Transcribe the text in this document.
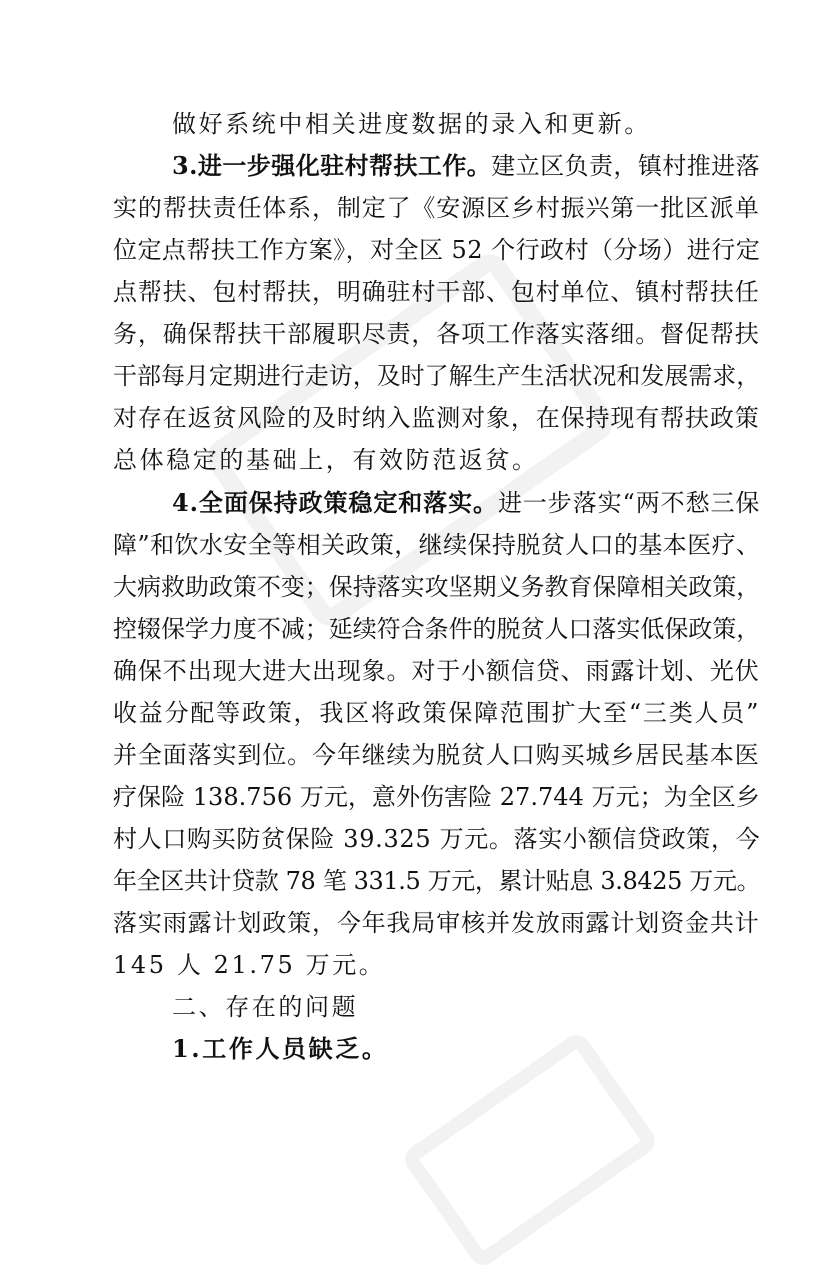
做好系统中相关进度数据的录入和更新。
3.进一步强化驻村帮扶工作。建立区负责，镇村推进落
实的帮扶责任体系，制定了《安源区乡村振兴第一批区派单
位定点帮扶工作方案》，对全区 52 个行政村（分场）进行定
点帮扶、包村帮扶，明确驻村干部、包村单位、镇村帮扶任
务，确保帮扶干部履职尽责，各项工作落实落细。督促帮扶
干部每月定期进行走访，及时了解生产生活状况和发展需求，
对存在返贫风险的及时纳入监测对象，在保持现有帮扶政策
总体稳定的基础上，有效防范返贫。
4.全面保持政策稳定和落实。进一步落实“两不愁三保
障”和饮水安全等相关政策，继续保持脱贫人口的基本医疗、
大病救助政策不变；保持落实攻坚期义务教育保障相关政策，
控辍保学力度不减；延续符合条件的脱贫人口落实低保政策，
确保不出现大进大出现象。对于小额信贷、雨露计划、光伏
收益分配等政策，我区将政策保障范围扩大至“三类人员”
并全面落实到位。今年继续为脱贫人口购买城乡居民基本医
疗保险 138.756 万元，意外伤害险 27.744 万元；为全区乡
村人口购买防贫保险 39.325 万元。落实小额信贷政策，今
年全区共计贷款 78 笔 331.5 万元，累计贴息 3.8425 万元。
落实雨露计划政策，今年我局审核并发放雨露计划资金共计
145 人 21.75 万元。
二、存在的问题
1.工作人员缺乏。
